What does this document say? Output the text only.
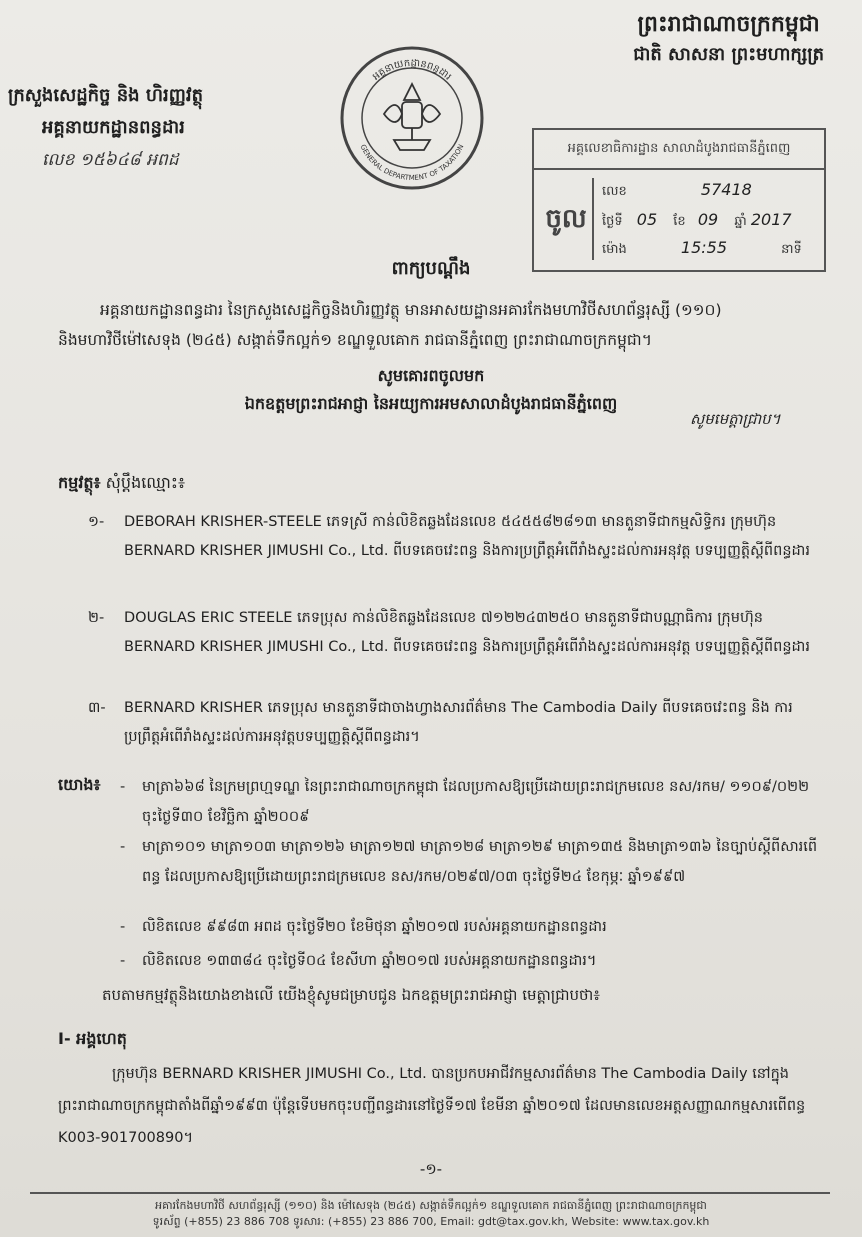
ព្រះរាជាណាចក្រកម្ពុជា
ជាតិ សាសនា ព្រះមហាក្សត្រ
ក្រសួងសេដ្ឋកិច្ច និង ហិរញ្ញវត្ថុ
អគ្គនាយកដ្ឋានពន្ធដារ
លេខ ១៥៦៤៨ អពដ
អគ្គនាយកដ្ឋានពន្ធដារ
GENERAL DEPARTMENT OF TAXATION	អគ្គលេខាធិការដ្ឋាន សាលាដំបូងរាជធានីភ្នំពេញ
ចូល
លេខ	57418
ថ្ងៃទី 05 ខែ 09 ឆ្នាំ 2017
ម៉ោង	15:55	នាទី
ពាក្យបណ្តឹង
អគ្គនាយកដ្ឋានពន្ធដារ នៃក្រសួងសេដ្ឋកិច្ចនិងហិរញ្ញវត្ថុ មានអាសយដ្ឋានអគារកែងមហាវិថីសហព័ន្ធរុស្សី (១១០)
និងមហាវិថីម៉ៅសេទុង (២៤៥) សង្កាត់ទឹកល្អក់១ ខណ្ឌទួលគោក រាជធានីភ្នំពេញ ព្រះរាជាណាចក្រកម្ពុជា។
សូមគោរពចូលមក
ឯកឧត្តមព្រះរាជអាជ្ញា នៃអយ្យការអមសាលាដំបូងរាជធានីភ្នំពេញ
សូមមេត្តាជ្រាប។
កម្មវត្ថុ៖ សុំប្តឹងឈ្មោះ៖
១-	DEBORAH KRISHER-STEELE ភេទស្រី កាន់លិខិតឆ្លងដែនលេខ ៥៤៥៥៨២៨១៣ មានតួនាទីជាកម្មសិទ្ធិករ ក្រុមហ៊ុន BERNARD KRISHER JIMUSHI Co., Ltd. ពីបទគេចវេះពន្ធ និងការប្រព្រឹត្តអំពើរាំងស្ទះដល់ការអនុវត្ត បទប្បញ្ញត្តិស្តីពីពន្ធដារ
២-	DOUGLAS ERIC STEELE ភេទប្រុស កាន់លិខិតឆ្លងដែនលេខ ៧១២២៤៣២៥០ មានតួនាទីជាបណ្ណាធិការ ក្រុមហ៊ុន BERNARD KRISHER JIMUSHI Co., Ltd. ពីបទគេចវេះពន្ធ និងការប្រព្រឹត្តអំពើរាំងស្ទះដល់ការអនុវត្ត បទប្បញ្ញត្តិស្តីពីពន្ធដារ
៣-	BERNARD KRISHER ភេទប្រុស មានតួនាទីជាចាងហ្វាងសារព័ត៌មាន The Cambodia Daily ពីបទគេចវេះពន្ធ និង ការប្រព្រឹត្តអំពើរាំងស្ទះដល់ការអនុវត្តបទប្បញ្ញត្តិស្តីពីពន្ធដារ។
យោង៖ - មាត្រា៦៦៨ នៃក្រមព្រហ្មទណ្ឌ នៃព្រះរាជាណាចក្រកម្ពុជា ដែលប្រកាសឱ្យប្រើដោយព្រះរាជក្រមលេខ នស/រកម/ ១១០៩/០២២ ចុះថ្ងៃទី៣០ ខែវិច្ឆិកា ឆ្នាំ២០០៩
- មាត្រា១០១ មាត្រា១០៣ មាត្រា១២៦ មាត្រា១២៧ មាត្រា១២៨ មាត្រា១២៩ មាត្រា១៣៥ និងមាត្រា១៣៦ នៃច្បាប់ស្តីពីសារពើពន្ធ ដែលប្រកាសឱ្យប្រើដោយព្រះរាជក្រមលេខ នស/រកម/០២៩៧/០៣ ចុះថ្ងៃទី២៤ ខែកុម្ភៈ ឆ្នាំ១៩៩៧
- លិខិតលេខ ៩៩៨៣ អពដ ចុះថ្ងៃទី២០ ខែមិថុនា ឆ្នាំ២០១៧ របស់អគ្គនាយកដ្ឋានពន្ធដារ
- លិខិតលេខ ១៣៣៨៤ ចុះថ្ងៃទី០៤ ខែសីហា ឆ្នាំ២០១៧ របស់អគ្គនាយកដ្ឋានពន្ធដារ។
តបតាមកម្មវត្ថុនិងយោងខាងលើ យើងខ្ញុំសូមជម្រាបជូន ឯកឧត្តមព្រះរាជអាជ្ញា មេត្តាជ្រាបថា៖
I- អង្គហេតុ
ក្រុមហ៊ុន BERNARD KRISHER JIMUSHI Co., Ltd. បានប្រកបអាជីវកម្មសារព័ត៌មាន The Cambodia Daily នៅក្នុងព្រះរាជាណាចក្រកម្ពុជាតាំងពីឆ្នាំ១៩៩៣ ប៉ុន្តែទើបមកចុះបញ្ជីពន្ធដារនៅថ្ងៃទី១៧ ខែមីនា ឆ្នាំ២០១៧ ដែលមានលេខអត្តសញ្ញាណកម្មសារពើពន្ធ K003-901700890។
-១-
អគារកែងមហាវិថី សហព័ន្ធរុស្សី (១១០) និង ម៉ៅសេទុង (២៤៥) សង្កាត់ទឹកល្អក់១ ខណ្ឌទួលគោក រាជធានីភ្នំពេញ ព្រះរាជាណាចក្រកម្ពុជា
ទូរស័ព្ទ (+855) 23 886 708 ទូរសារ: (+855) 23 886 700, Email: gdt@tax.gov.kh, Website: www.tax.gov.kh
